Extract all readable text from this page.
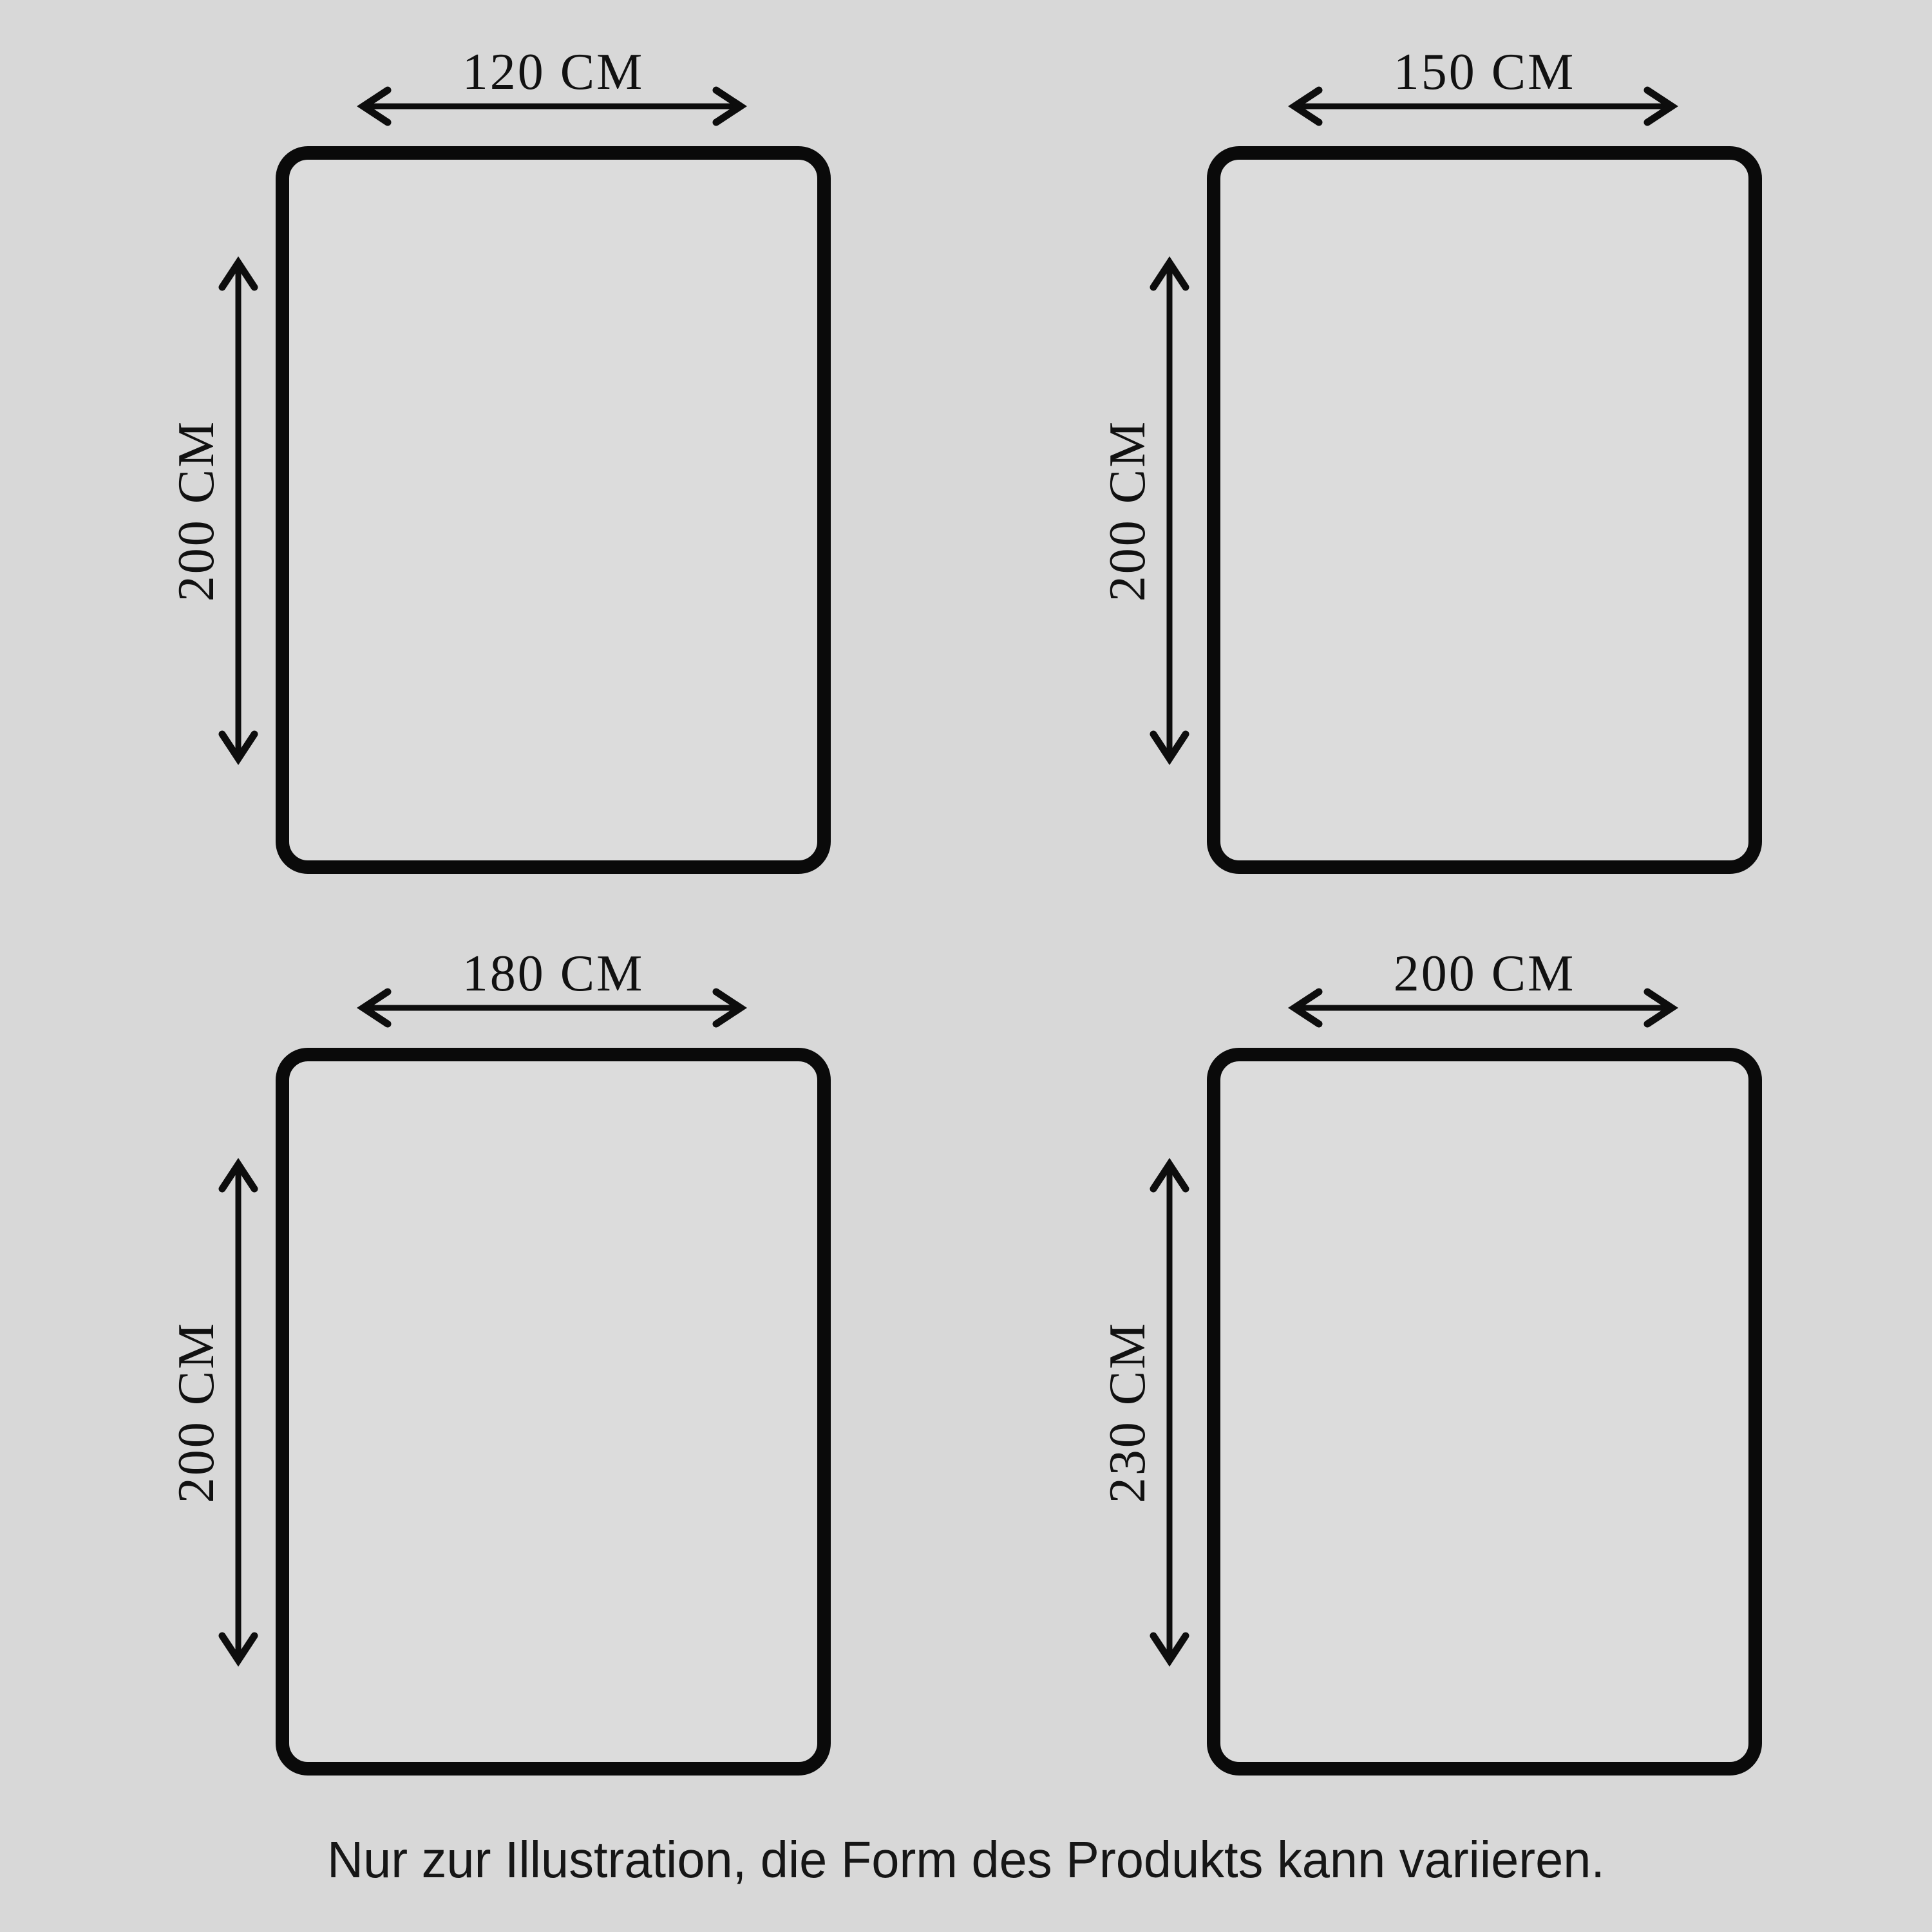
120 CM
200 CM
150 CM
200 CM
180 CM
200 CM
200 CM
230 CM
Nur zur Illustration, die Form des Produkts kann variieren.
